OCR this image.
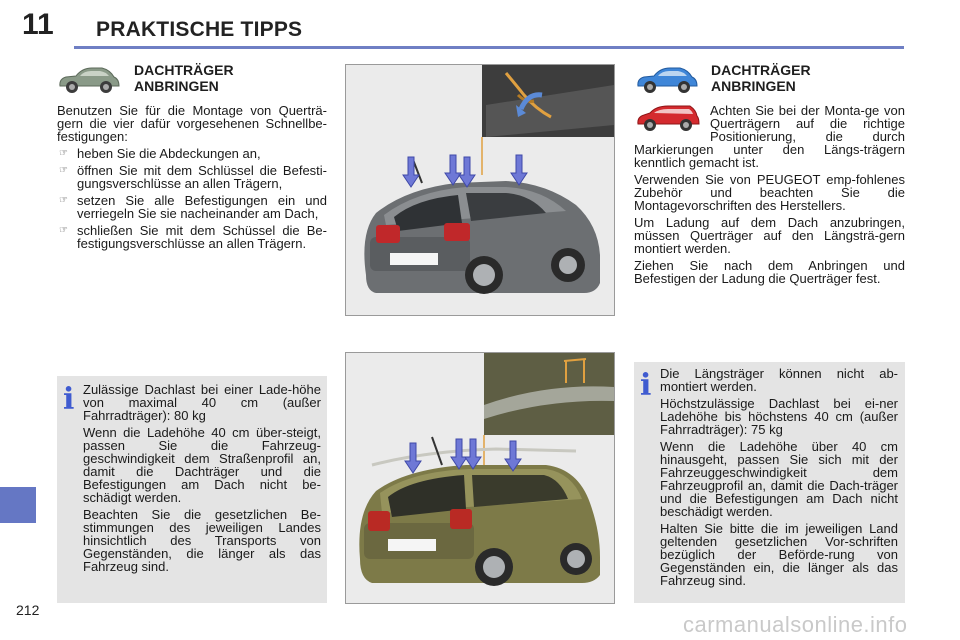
11 PRAKTISCHE TIPPS
212
carmanualsonline.info
DACHTRÄGER
ANBRINGEN

Benutzen Sie für die Montage von Querträ-gern die vier dafür vorgesehenen Schnellbe-festigungen:

☞ heben Sie die Abdeckungen an,
☞ öffnen Sie mit dem Schlüssel die Befesti-gungsverschlüsse an allen Trägern,
☞ setzen Sie alle Befestigungen ein und verriegeln Sie sie nacheinander am Dach,
☞ schließen Sie mit dem Schüssel die Be-festigungsverschlüsse an allen Trägern.
DACHTRÄGER
ANBRINGEN

Achten Sie bei der Monta-ge von Querträgern auf die richtige Positionierung, die durch Markierungen unter den Längs-trägern kenntlich gemacht ist.

Verwenden Sie von PEUGEOT emp-fohlenes Zubehör und beachten Sie die Montagevorschriften des Herstellers.

Um Ladung auf dem Dach anzubringen, müssen Querträger auf den Längsträ-gern montiert werden.

Ziehen Sie nach dem Anbringen und Befestigen der Ladung die Querträger fest.

i Zulässige Dachlast bei einer Lade-höhe von maximal 40 cm (außer Fahrradträger): 80 kg

Wenn die Ladehöhe 40 cm über-steigt, passen Sie die Fahrzeug-geschwindigkeit dem Straßenprofil an, damit die Dachträger und die Befestigungen am Dach nicht be-schädigt werden.

Beachten Sie die gesetzlichen Be-stimmungen des jeweiligen Landes hinsichtlich des Transports von Gegenständen, die länger als das Fahrzeug sind.

i Die Längsträger können nicht ab-montiert werden.

Höchstzulässige Dachlast bei ei-ner Ladehöhe bis höchstens 40 cm (außer Fahrradträger): 75 kg

Wenn die Ladehöhe über 40 cm hinausgeht, passen Sie sich mit der Fahrzeuggeschwindigkeit dem Fahrzeugprofil an, damit die Dach-träger und die Befestigungen am Dach nicht beschädigt werden.

Halten Sie bitte die im jeweiligen Land geltenden gesetzlichen Vor-schriften bezüglich der Beförde-rung von Gegenständen ein, die länger als das Fahrzeug sind.
